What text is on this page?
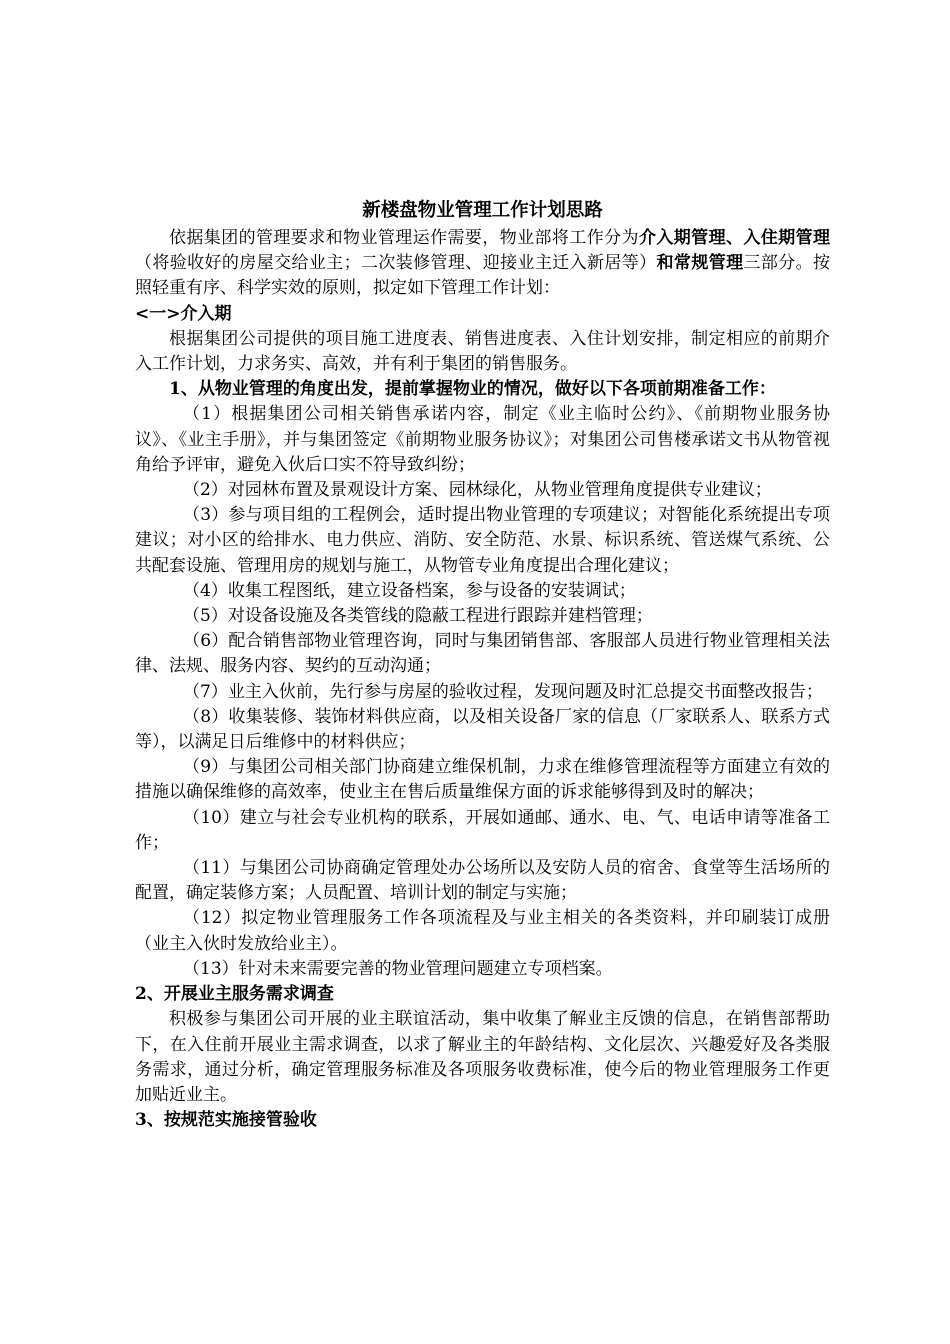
新楼盘物业管理工作计划思路

依据集团的管理要求和物业管理运作需要，物业部将工作分为介入期管理、入住期管理（将验收好的房屋交给业主；二次装修管理、迎接业主迁入新居等）和常规管理三部分。按照轻重有序、科学实效的原则，拟定如下管理工作计划：

<一>介入期

根据集团公司提供的项目施工进度表、销售进度表、入住计划安排，制定相应的前期介入工作计划，力求务实、高效，并有利于集团的销售服务。

1、从物业管理的角度出发，提前掌握物业的情况，做好以下各项前期准备工作：

（1）根据集团公司相关销售承诺内容，制定《业主临时公约》、《前期物业服务协议》、《业主手册》，并与集团签定《前期物业服务协议》；对集团公司售楼承诺文书从物管视角给予评审，避免入伙后口实不符导致纠纷；

（2）对园林布置及景观设计方案、园林绿化，从物业管理角度提供专业建议；

（3）参与项目组的工程例会，适时提出物业管理的专项建议；对智能化系统提出专项建议；对小区的给排水、电力供应、消防、安全防范、水景、标识系统、管送煤气系统、公共配套设施、管理用房的规划与施工，从物管专业角度提出合理化建议；

（4）收集工程图纸，建立设备档案，参与设备的安装调试；

（5）对设备设施及各类管线的隐蔽工程进行跟踪并建档管理；

（6）配合销售部物业管理咨询，同时与集团销售部、客服部人员进行物业管理相关法律、法规、服务内容、契约的互动沟通；

（7）业主入伙前，先行参与房屋的验收过程，发现问题及时汇总提交书面整改报告；

（8）收集装修、装饰材料供应商，以及相关设备厂家的信息（厂家联系人、联系方式等），以满足日后维修中的材料供应；

（9）与集团公司相关部门协商建立维保机制，力求在维修管理流程等方面建立有效的措施以确保维修的高效率，使业主在售后质量维保方面的诉求能够得到及时的解决；

（10）建立与社会专业机构的联系，开展如通邮、通水、电、气、电话申请等准备工作；

（11）与集团公司协商确定管理处办公场所以及安防人员的宿舍、食堂等生活场所的配置，确定装修方案；人员配置、培训计划的制定与实施；

（12）拟定物业管理服务工作各项流程及与业主相关的各类资料，并印刷装订成册（业主入伙时发放给业主）。

（13）针对未来需要完善的物业管理问题建立专项档案。

2、开展业主服务需求调查

积极参与集团公司开展的业主联谊活动，集中收集了解业主反馈的信息，在销售部帮助下，在入住前开展业主需求调查，以求了解业主的年龄结构、文化层次、兴趣爱好及各类服务需求，通过分析，确定管理服务标准及各项服务收费标准，使今后的物业管理服务工作更加贴近业主。

3、按规范实施接管验收
